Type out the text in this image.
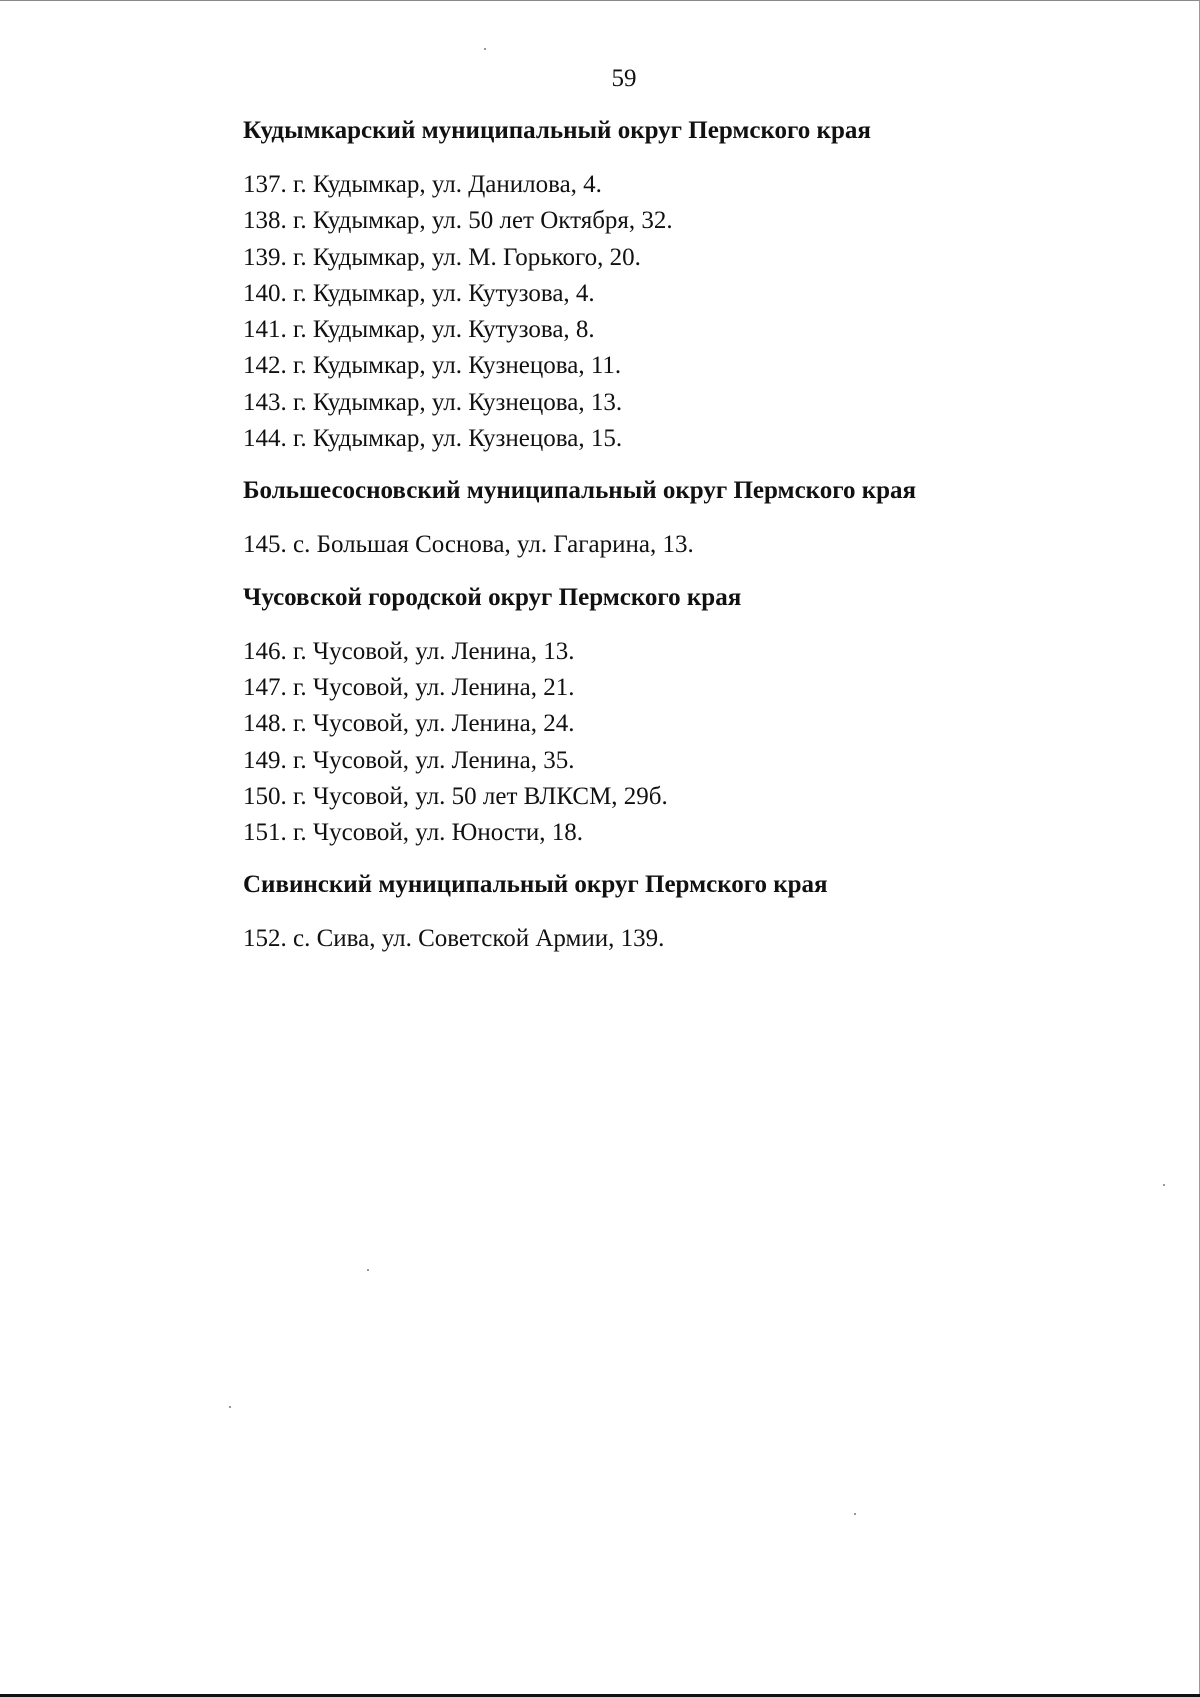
59
Кудымкарский муниципальный округ Пермского края
137. г. Кудымкар, ул. Данилова, 4.
138. г. Кудымкар, ул. 50 лет Октября, 32.
139. г. Кудымкар, ул. М. Горького, 20.
140. г. Кудымкар, ул. Кутузова, 4.
141. г. Кудымкар, ул. Кутузова, 8.
142. г. Кудымкар, ул. Кузнецова, 11.
143. г. Кудымкар, ул. Кузнецова, 13.
144. г. Кудымкар, ул. Кузнецова, 15.
Большесосновский муниципальный округ Пермского края
145. с. Большая Соснова, ул. Гагарина, 13.
Чусовской городской округ Пермского края
146. г. Чусовой, ул. Ленина, 13.
147. г. Чусовой, ул. Ленина, 21.
148. г. Чусовой, ул. Ленина, 24.
149. г. Чусовой, ул. Ленина, 35.
150. г. Чусовой, ул. 50 лет ВЛКСМ, 29б.
151. г. Чусовой, ул. Юности, 18.
Сивинский муниципальный округ Пермского края
152. с. Сива, ул. Советской Армии, 139.
